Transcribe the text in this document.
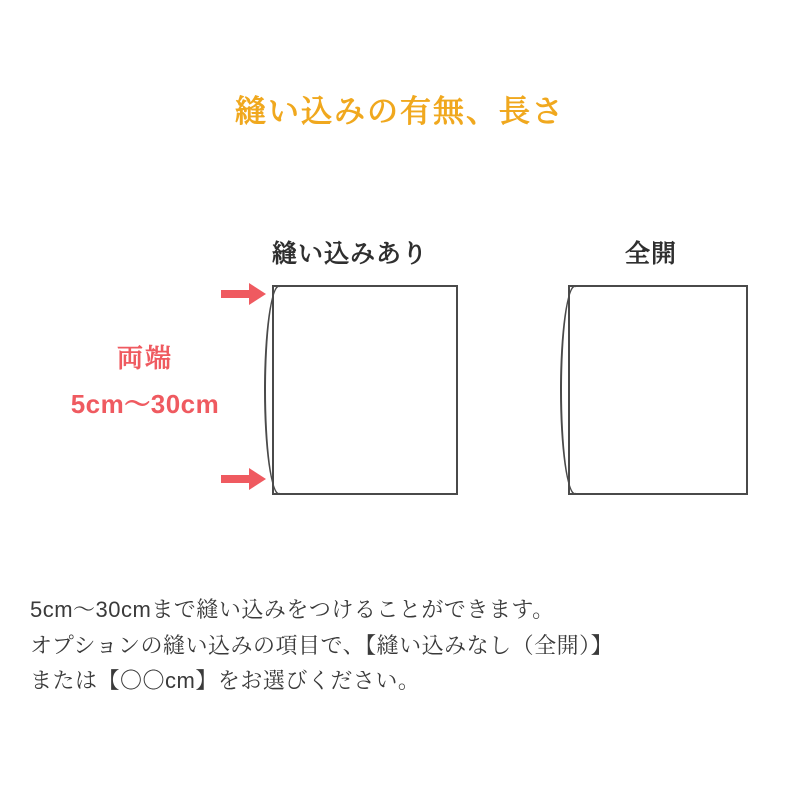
縫い込みの有無、長さ
縫い込みあり	全開
両端
5cm〜30cm
5cm〜30cmまで縫い込みをつけることができます。
オプションの縫い込みの項目で、【縫い込みなし（全開）】
または【〇〇cm】をお選びください。
